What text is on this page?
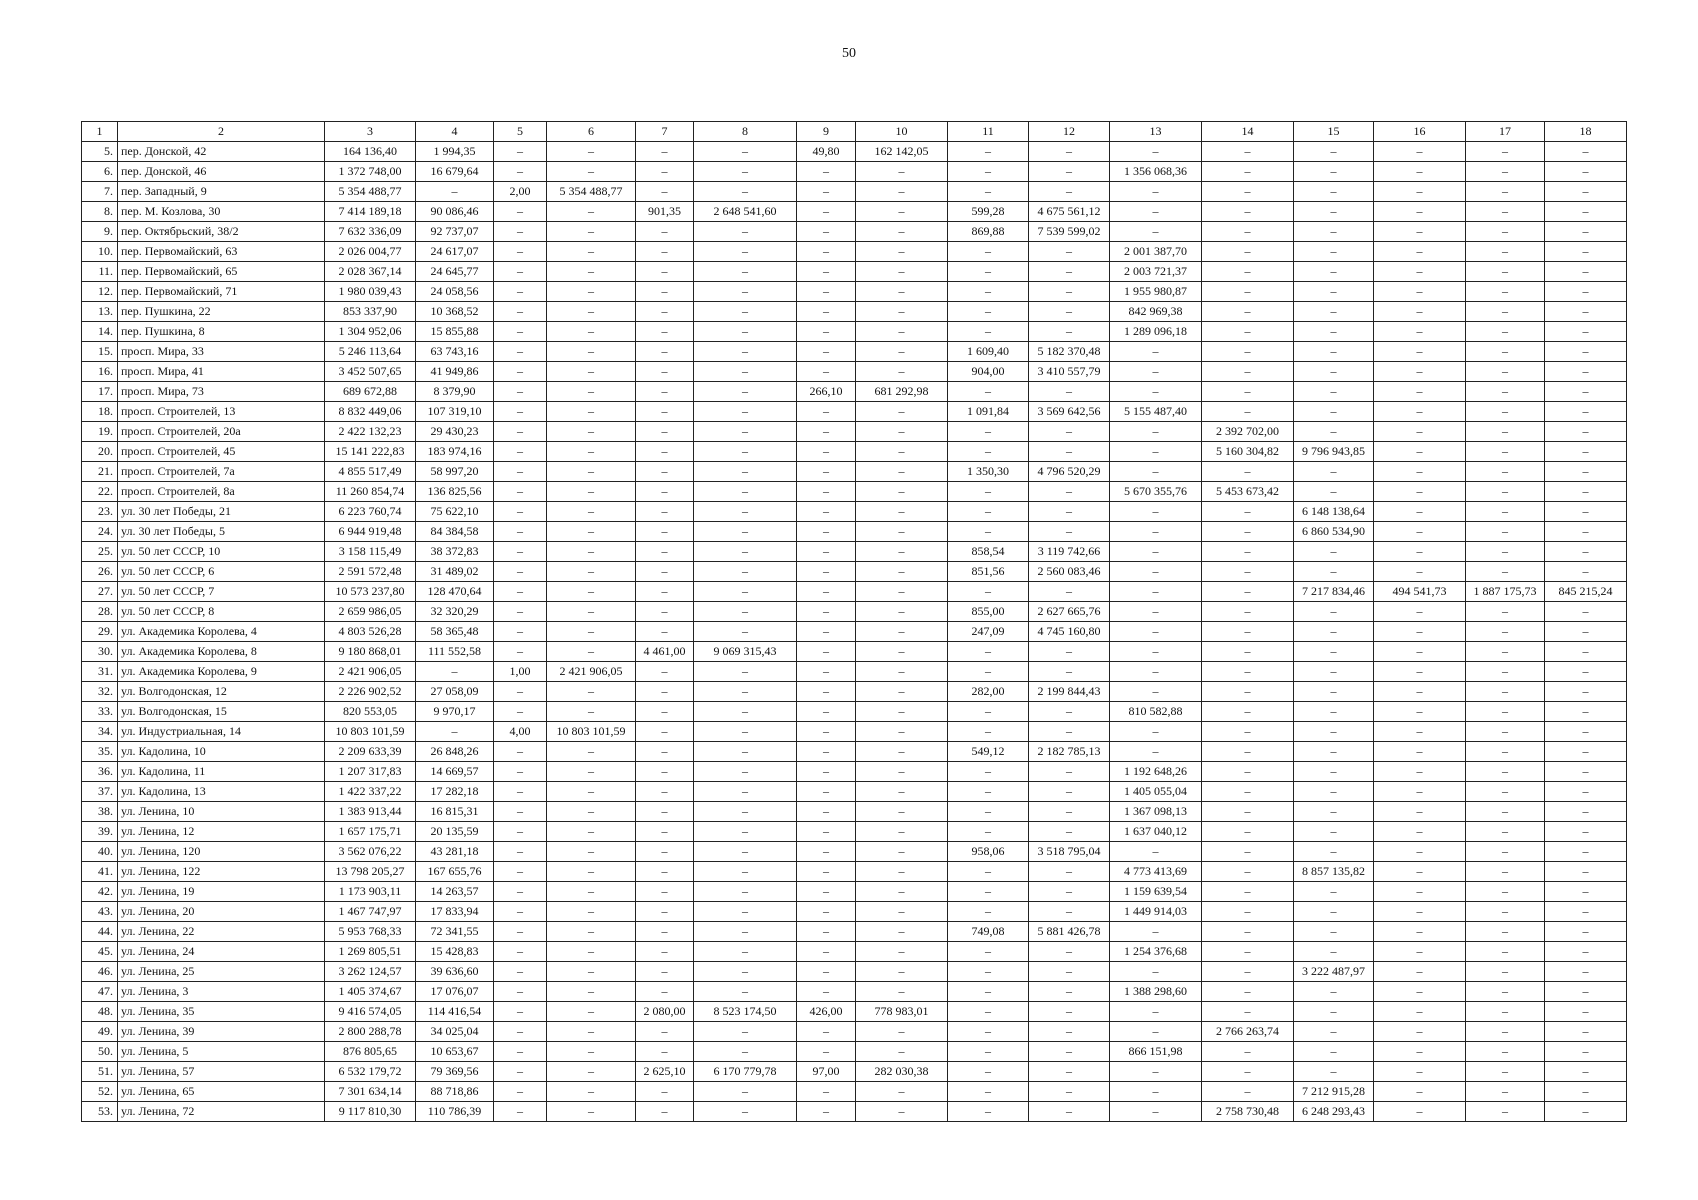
50
1	2	3	4	5	6	7	8	9	10	11	12	13	14	15	16	17	18
5.	пер. Донской, 42	164 136,40	1 994,35	–	–	–	–	49,80	162 142,05	–	–	–	–	–	–	–	–
6.	пер. Донской, 46	1 372 748,00	16 679,64	–	–	–	–	–	–	–	–	1 356 068,36	–	–	–	–	–
7.	пер. Западный, 9	5 354 488,77	–	2,00	5 354 488,77	–	–	–	–	–	–	–	–	–	–	–	–
8.	пер. М. Козлова, 30	7 414 189,18	90 086,46	–	–	901,35	2 648 541,60	–	–	599,28	4 675 561,12	–	–	–	–	–	–
9.	пер. Октябрьский, 38/2	7 632 336,09	92 737,07	–	–	–	–	–	–	869,88	7 539 599,02	–	–	–	–	–	–
10.	пер. Первомайский, 63	2 026 004,77	24 617,07	–	–	–	–	–	–	–	–	2 001 387,70	–	–	–	–	–
11.	пер. Первомайский, 65	2 028 367,14	24 645,77	–	–	–	–	–	–	–	–	2 003 721,37	–	–	–	–	–
12.	пер. Первомайский, 71	1 980 039,43	24 058,56	–	–	–	–	–	–	–	–	1 955 980,87	–	–	–	–	–
13.	пер. Пушкина, 22	853 337,90	10 368,52	–	–	–	–	–	–	–	–	842 969,38	–	–	–	–	–
14.	пер. Пушкина, 8	1 304 952,06	15 855,88	–	–	–	–	–	–	–	–	1 289 096,18	–	–	–	–	–
15.	просп. Мира, 33	5 246 113,64	63 743,16	–	–	–	–	–	–	1 609,40	5 182 370,48	–	–	–	–	–	–
16.	просп. Мира, 41	3 452 507,65	41 949,86	–	–	–	–	–	–	904,00	3 410 557,79	–	–	–	–	–	–
17.	просп. Мира, 73	689 672,88	8 379,90	–	–	–	–	266,10	681 292,98	–	–	–	–	–	–	–	–
18.	просп. Строителей, 13	8 832 449,06	107 319,10	–	–	–	–	–	–	1 091,84	3 569 642,56	5 155 487,40	–	–	–	–	–
19.	просп. Строителей, 20а	2 422 132,23	29 430,23	–	–	–	–	–	–	–	–	–	2 392 702,00	–	–	–	–
20.	просп. Строителей, 45	15 141 222,83	183 974,16	–	–	–	–	–	–	–	–	–	5 160 304,82	9 796 943,85	–	–	–
21.	просп. Строителей, 7а	4 855 517,49	58 997,20	–	–	–	–	–	–	1 350,30	4 796 520,29	–	–	–	–	–	–
22.	просп. Строителей, 8а	11 260 854,74	136 825,56	–	–	–	–	–	–	–	–	5 670 355,76	5 453 673,42	–	–	–	–
23.	ул. 30 лет Победы, 21	6 223 760,74	75 622,10	–	–	–	–	–	–	–	–	–	–	6 148 138,64	–	–	–
24.	ул. 30 лет Победы, 5	6 944 919,48	84 384,58	–	–	–	–	–	–	–	–	–	–	6 860 534,90	–	–	–
25.	ул. 50 лет СССР, 10	3 158 115,49	38 372,83	–	–	–	–	–	–	858,54	3 119 742,66	–	–	–	–	–	–
26.	ул. 50 лет СССР, 6	2 591 572,48	31 489,02	–	–	–	–	–	–	851,56	2 560 083,46	–	–	–	–	–	–
27.	ул. 50 лет СССР, 7	10 573 237,80	128 470,64	–	–	–	–	–	–	–	–	–	–	7 217 834,46	494 541,73	1 887 175,73	845 215,24
28.	ул. 50 лет СССР, 8	2 659 986,05	32 320,29	–	–	–	–	–	–	855,00	2 627 665,76	–	–	–	–	–	–
29.	ул. Академика Королева, 4	4 803 526,28	58 365,48	–	–	–	–	–	–	247,09	4 745 160,80	–	–	–	–	–	–
30.	ул. Академика Королева, 8	9 180 868,01	111 552,58	–	–	4 461,00	9 069 315,43	–	–	–	–	–	–	–	–	–	–
31.	ул. Академика Королева, 9	2 421 906,05	–	1,00	2 421 906,05	–	–	–	–	–	–	–	–	–	–	–	–
32.	ул. Волгодонская, 12	2 226 902,52	27 058,09	–	–	–	–	–	–	282,00	2 199 844,43	–	–	–	–	–	–
33.	ул. Волгодонская, 15	820 553,05	9 970,17	–	–	–	–	–	–	–	–	810 582,88	–	–	–	–	–
34.	ул. Индустриальная, 14	10 803 101,59	–	4,00	10 803 101,59	–	–	–	–	–	–	–	–	–	–	–	–
35.	ул. Кадолина, 10	2 209 633,39	26 848,26	–	–	–	–	–	–	549,12	2 182 785,13	–	–	–	–	–	–
36.	ул. Кадолина, 11	1 207 317,83	14 669,57	–	–	–	–	–	–	–	–	1 192 648,26	–	–	–	–	–
37.	ул. Кадолина, 13	1 422 337,22	17 282,18	–	–	–	–	–	–	–	–	1 405 055,04	–	–	–	–	–
38.	ул. Ленина, 10	1 383 913,44	16 815,31	–	–	–	–	–	–	–	–	1 367 098,13	–	–	–	–	–
39.	ул. Ленина, 12	1 657 175,71	20 135,59	–	–	–	–	–	–	–	–	1 637 040,12	–	–	–	–	–
40.	ул. Ленина, 120	3 562 076,22	43 281,18	–	–	–	–	–	–	958,06	3 518 795,04	–	–	–	–	–	–
41.	ул. Ленина, 122	13 798 205,27	167 655,76	–	–	–	–	–	–	–	–	4 773 413,69	–	8 857 135,82	–	–	–
42.	ул. Ленина, 19	1 173 903,11	14 263,57	–	–	–	–	–	–	–	–	1 159 639,54	–	–	–	–	–
43.	ул. Ленина, 20	1 467 747,97	17 833,94	–	–	–	–	–	–	–	–	1 449 914,03	–	–	–	–	–
44.	ул. Ленина, 22	5 953 768,33	72 341,55	–	–	–	–	–	–	749,08	5 881 426,78	–	–	–	–	–	–
45.	ул. Ленина, 24	1 269 805,51	15 428,83	–	–	–	–	–	–	–	–	1 254 376,68	–	–	–	–	–
46.	ул. Ленина, 25	3 262 124,57	39 636,60	–	–	–	–	–	–	–	–	–	–	3 222 487,97	–	–	–
47.	ул. Ленина, 3	1 405 374,67	17 076,07	–	–	–	–	–	–	–	–	1 388 298,60	–	–	–	–	–
48.	ул. Ленина, 35	9 416 574,05	114 416,54	–	–	2 080,00	8 523 174,50	426,00	778 983,01	–	–	–	–	–	–	–	–
49.	ул. Ленина, 39	2 800 288,78	34 025,04	–	–	–	–	–	–	–	–	–	2 766 263,74	–	–	–	–
50.	ул. Ленина, 5	876 805,65	10 653,67	–	–	–	–	–	–	–	–	866 151,98	–	–	–	–	–
51.	ул. Ленина, 57	6 532 179,72	79 369,56	–	–	2 625,10	6 170 779,78	97,00	282 030,38	–	–	–	–	–	–	–	–
52.	ул. Ленина, 65	7 301 634,14	88 718,86	–	–	–	–	–	–	–	–	–	–	7 212 915,28	–	–	–
53.	ул. Ленина, 72	9 117 810,30	110 786,39	–	–	–	–	–	–	–	–	–	2 758 730,48	6 248 293,43	–	–	–
